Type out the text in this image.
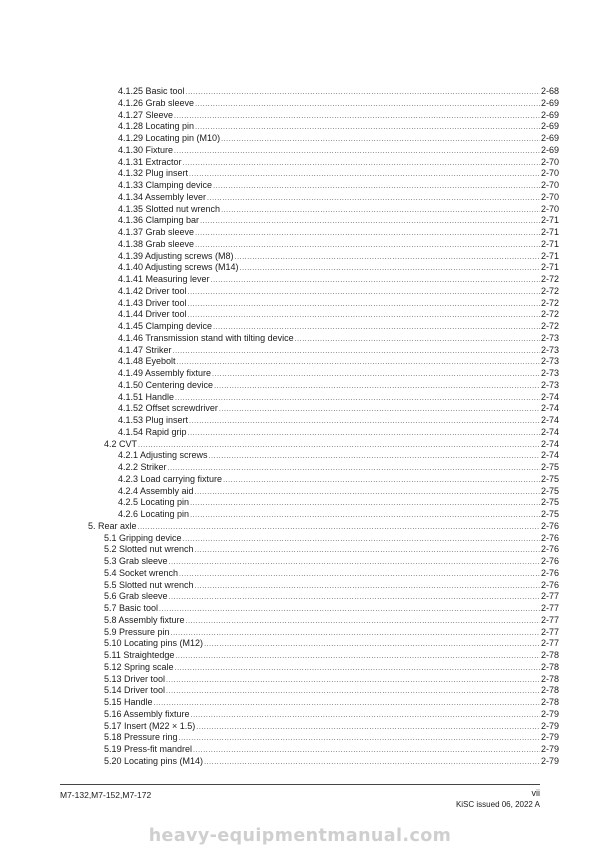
4.1.25 Basic tool .....	2-68
4.1.26 Grab sleeve .....	2-69
4.1.27 Sleeve .....	2-69
4.1.28 Locating pin .....	2-69
4.1.29 Locating pin (M10) .....	2-69
4.1.30 Fixture .....	2-69
4.1.31 Extractor .....	2-70
4.1.32 Plug insert .....	2-70
4.1.33 Clamping device .....	2-70
4.1.34 Assembly lever .....	2-70
4.1.35 Slotted nut wrench .....	2-70
4.1.36 Clamping bar .....	2-71
4.1.37 Grab sleeve .....	2-71
4.1.38 Grab sleeve .....	2-71
4.1.39 Adjusting screws (M8) .....	2-71
4.1.40 Adjusting screws (M14) .....	2-71
4.1.41 Measuring lever .....	2-72
4.1.42 Driver tool .....	2-72
4.1.43 Driver tool .....	2-72
4.1.44 Driver tool .....	2-72
4.1.45 Clamping device .....	2-72
4.1.46 Transmission stand with tilting device .....	2-73
4.1.47 Striker .....	2-73
4.1.48 Eyebolt .....	2-73
4.1.49 Assembly fixture .....	2-73
4.1.50 Centering device .....	2-73
4.1.51 Handle .....	2-74
4.1.52 Offset screwdriver .....	2-74
4.1.53 Plug insert .....	2-74
4.1.54 Rapid grip .....	2-74
4.2 CVT .....	2-74
4.2.1 Adjusting screws .....	2-74
4.2.2 Striker .....	2-75
4.2.3 Load carrying fixture .....	2-75
4.2.4 Assembly aid .....	2-75
4.2.5 Locating pin .....	2-75
4.2.6 Locating pin .....	2-75
5. Rear axle .....	2-76
5.1 Gripping device .....	2-76
5.2 Slotted nut wrench .....	2-76
5.3 Grab sleeve .....	2-76
5.4 Socket wrench .....	2-76
5.5 Slotted nut wrench .....	2-76
5.6 Grab sleeve .....	2-77
5.7 Basic tool .....	2-77
5.8 Assembly fixture .....	2-77
5.9 Pressure pin .....	2-77
5.10 Locating pins (M12) .....	2-77
5.11 Straightedge .....	2-78
5.12 Spring scale .....	2-78
5.13 Driver tool .....	2-78
5.14 Driver tool .....	2-78
5.15 Handle .....	2-78
5.16 Assembly fixture .....	2-79
5.17 Insert (M22 × 1.5) .....	2-79
5.18 Pressure ring .....	2-79
5.19 Press-fit mandrel .....	2-79
5.20 Locating pins (M14) .....	2-79
M7-132,M7-152,M7-172	vii
KiSC issued 06, 2022 A
heavy-equipmentmanual.com
